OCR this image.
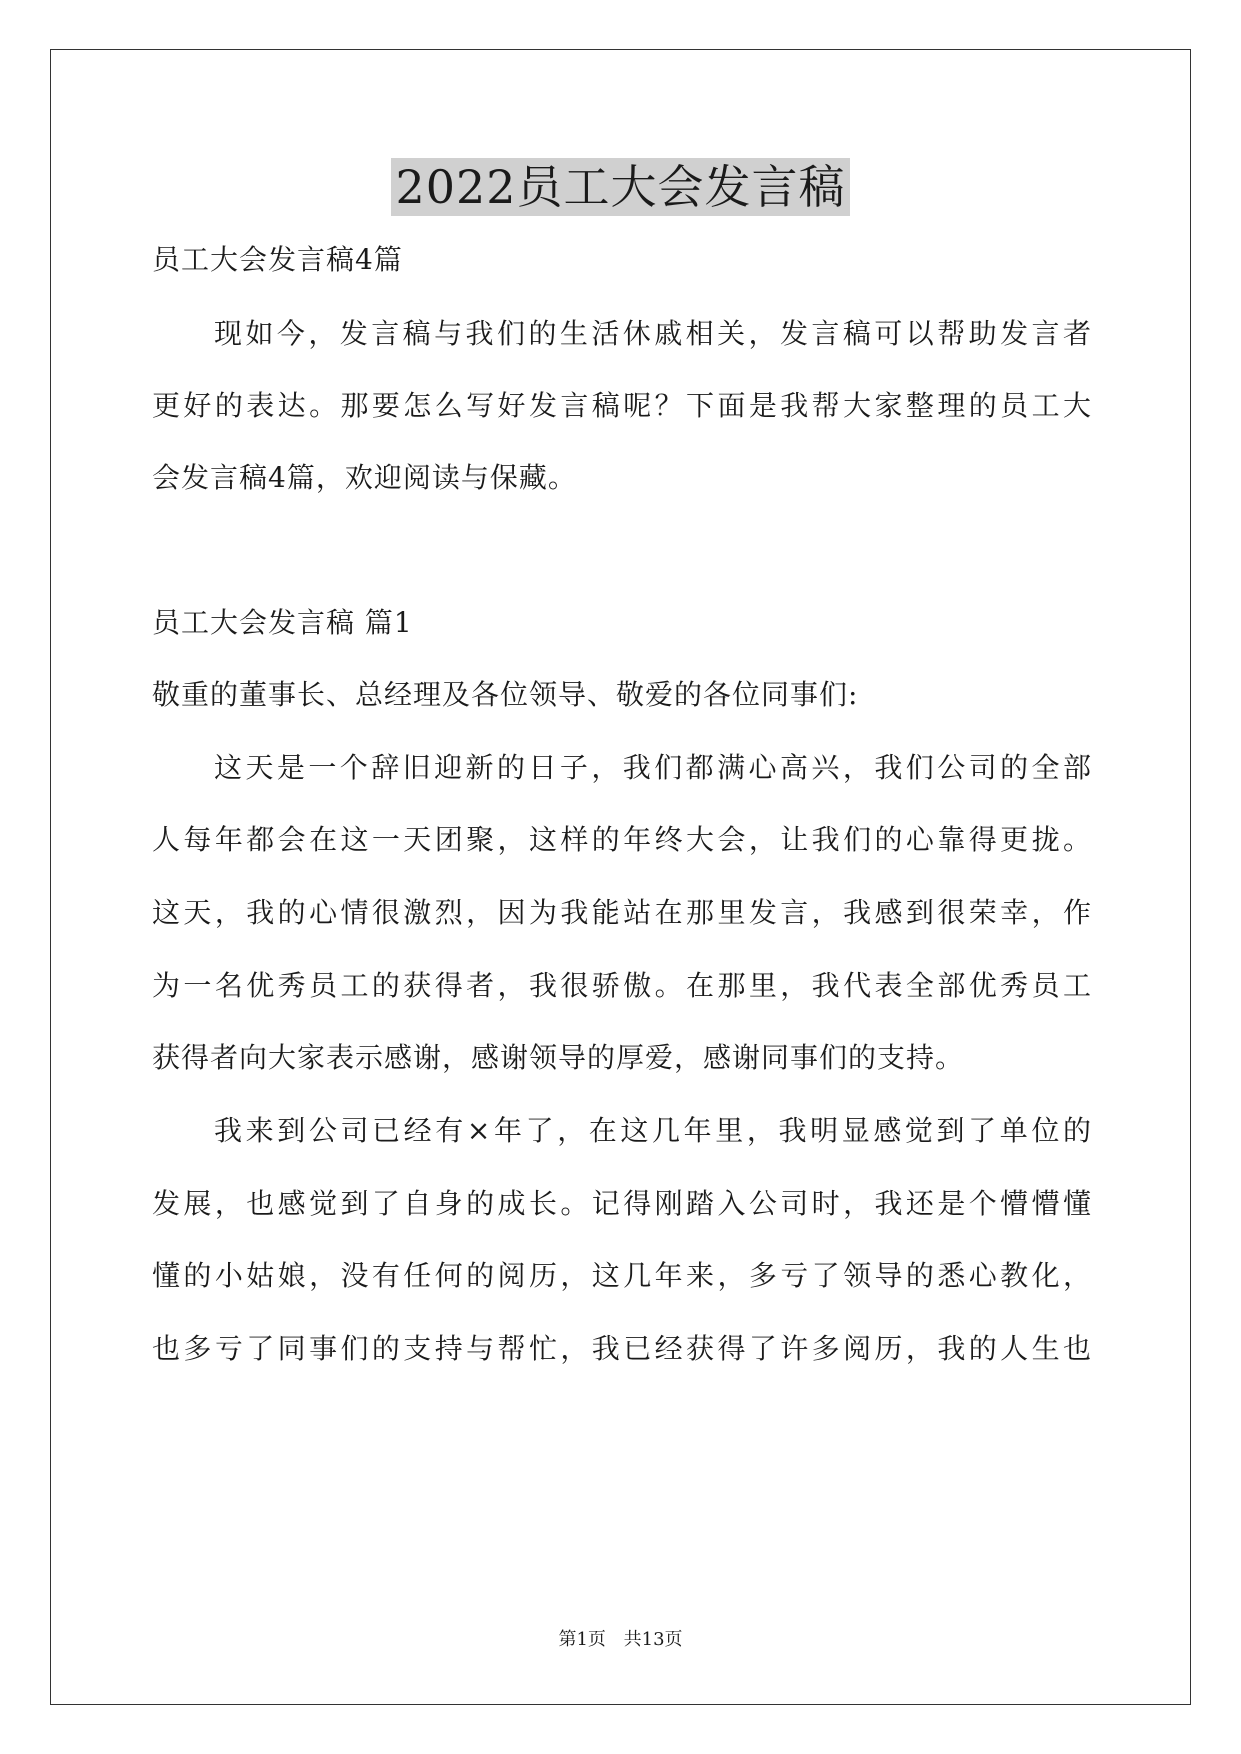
2022员工大会发言稿
员工大会发言稿4篇
现如今，发言稿与我们的生活休戚相关，发言稿可以帮助发言者
更好的表达。那要怎么写好发言稿呢？下面是我帮大家整理的员工大
会发言稿4篇，欢迎阅读与保藏。
员工大会发言稿 篇1
敬重的董事长、总经理及各位领导、敬爱的各位同事们:
这天是一个辞旧迎新的日子，我们都满心高兴，我们公司的全部
人每年都会在这一天团聚，这样的年终大会，让我们的心靠得更拢。
这天，我的心情很激烈，因为我能站在那里发言，我感到很荣幸，作
为一名优秀员工的获得者，我很骄傲。在那里，我代表全部优秀员工
获得者向大家表示感谢，感谢领导的厚爱，感谢同事们的支持。
我来到公司已经有×年了，在这几年里，我明显感觉到了单位的
发展，也感觉到了自身的成长。记得刚踏入公司时，我还是个懵懵懂
懂的小姑娘，没有任何的阅历，这几年来，多亏了领导的悉心教化，
也多亏了同事们的支持与帮忙，我已经获得了许多阅历，我的人生也
第1页 共13页
